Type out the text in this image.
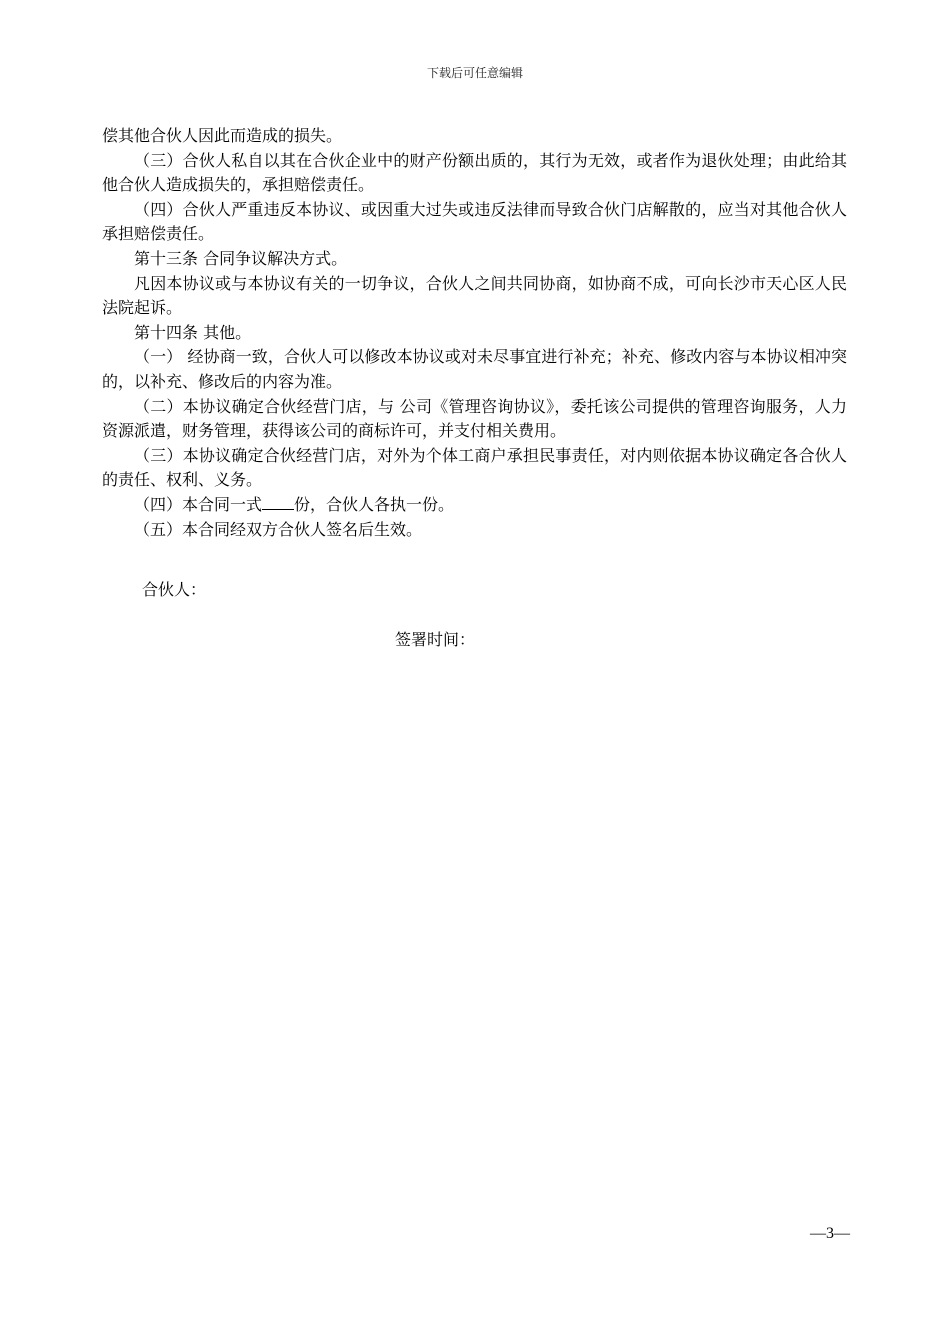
下载后可任意编辑

偿其他合伙人因此而造成的损失。

（三）合伙人私自以其在合伙企业中的财产份额出质的，其行为无效，或者作为退伙处理；由此给其他合伙人造成损失的，承担赔偿责任。

（四）合伙人严重违反本协议、或因重大过失或违反法律而导致合伙门店解散的，应当对其他合伙人承担赔偿责任。

第十三条 合同争议解决方式。

凡因本协议或与本协议有关的一切争议，合伙人之间共同协商，如协商不成，可向长沙市天心区人民法院起诉。

第十四条 其他。

（一） 经协商一致，合伙人可以修改本协议或对未尽事宜进行补充；补充、修改内容与本协议相冲突的，以补充、修改后的内容为准。

（二）本协议确定合伙经营门店，与 公司《管理咨询协议》，委托该公司提供的管理咨询服务，人力资源派遣，财务管理，获得该公司的商标许可，并支付相关费用。

（三）本协议确定合伙经营门店，对外为个体工商户承担民事责任，对内则依据本协议确定各合伙人的责任、权利、义务。

（四）本合同一式 份，合伙人各执一份。

（五）本合同经双方合伙人签名后生效。

合伙人：
签署时间：
—3—
